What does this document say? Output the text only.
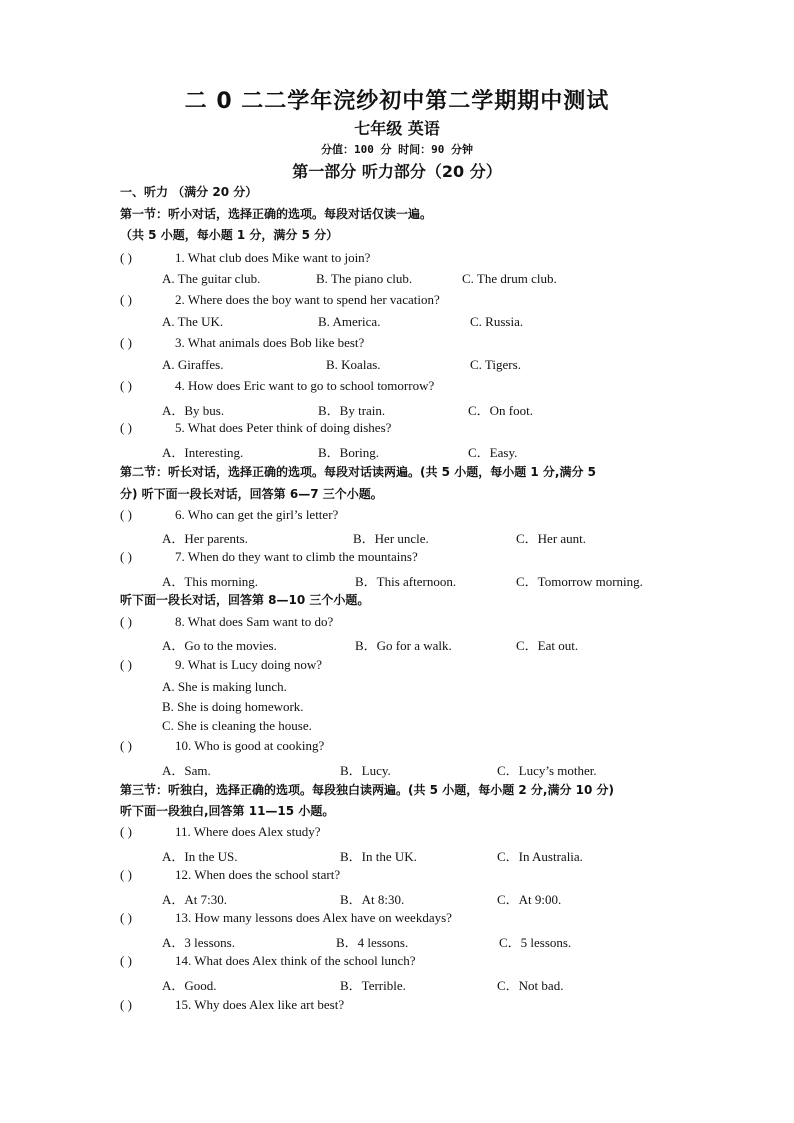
二 0 二二学年浣纱初中第二学期期中测试
七年级 英语
分值：100 分 时间：90 分钟
第一部分 听力部分（20 分）
一、听力 （满分 20 分）
第一节：听小对话，选择正确的选项。每段对话仅读一遍。
（共 5 小题，每小题 1 分，满分 5 分）
( )	1. What club does Mike want to join?
A. The guitar club.	B. The piano club.	C. The drum club.
( )	2. Where does the boy want to spend her vacation?
A. The UK.	B. America.	C. Russia.
( )	3. What animals does Bob like best?
A. Giraffes.	B. Koalas.	C. Tigers.
( )	4. How does Eric want to go to school tomorrow?
A．By bus.	B．By train.	C．On foot.
( )	5. What does Peter think of doing dishes?
A．Interesting.	B．Boring.	C．Easy.
第二节：听长对话，选择正确的选项。每段对话读两遍。(共 5 小题，每小题 1 分,满分 5
分) 听下面一段长对话，回答第 6—7 三个小题。
( )	6. Who can get the girl’s letter?
A．Her parents.	B．Her uncle.	C．Her aunt.
( )	7. When do they want to climb the mountains?
A．This morning.	B．This afternoon.	C．Tomorrow morning.
听下面一段长对话，回答第 8—10 三个小题。
( )	8. What does Sam want to do?
A．Go to the movies.	B．Go for a walk.	C．Eat out.
( )	9. What is Lucy doing now?
A. She is making lunch.
B. She is doing homework.
C. She is cleaning the house.
( )	10. Who is good at cooking?
A．Sam.	B．Lucy.	C．Lucy’s mother.
第三节：听独白，选择正确的选项。每段独白读两遍。(共 5 小题，每小题 2 分,满分 10 分)
听下面一段独白,回答第 11—15 小题。
( )	11. Where does Alex study?
A．In the US.	B．In the UK.	C．In Australia.
( )	12. When does the school start?
A．At 7:30.	B．At 8:30.	C．At 9:00.
( )	13. How many lessons does Alex have on weekdays?
A．3 lessons.	B．4 lessons.	C．5 lessons.
( )	14. What does Alex think of the school lunch?
A．Good.	B．Terrible.	C．Not bad.
( )	15. Why does Alex like art best?
